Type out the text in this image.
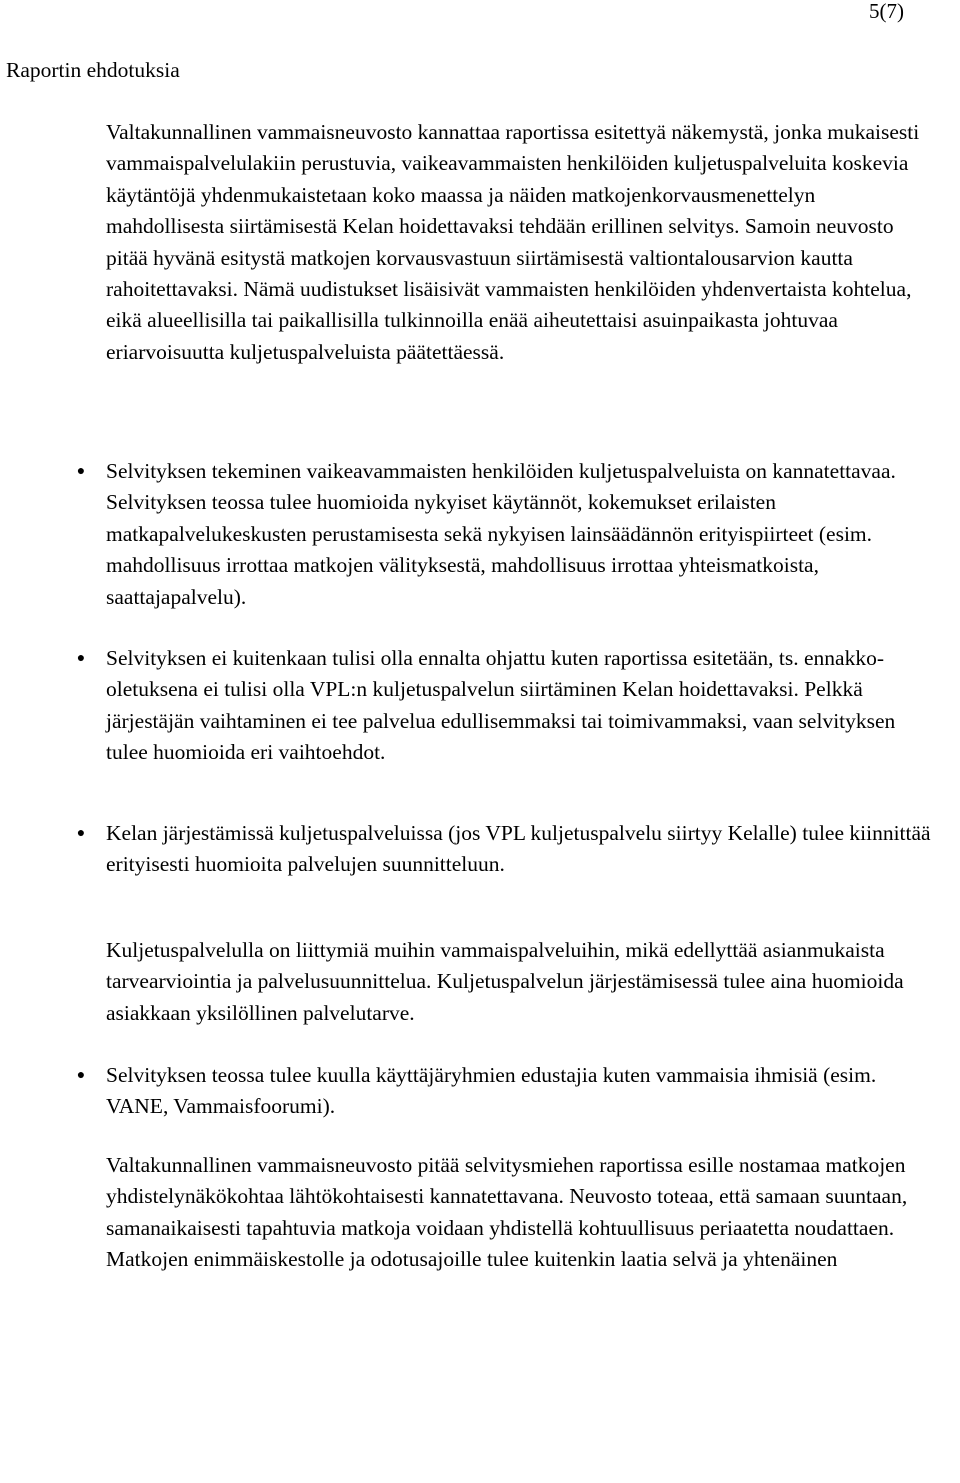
5(7)
Raportin ehdotuksia

Valtakunnallinen vammaisneuvosto kannattaa raportissa esitettyä näkemystä, jonka mukaisesti vammaispalvelulakiin perustuvia, vaikeavammaisten henkilöiden kuljetuspalveluita koskevia käytäntöjä yhdenmukaistetaan koko maassa ja näiden matkojenkorvausmenettelyn mahdollisesta siirtämisestä Kelan hoidettavaksi tehdään erillinen selvitys. Samoin neuvosto pitää hyvänä esitystä matkojen korvausvastuun siirtämisestä valtiontalousarvion kautta rahoitettavaksi. Nämä uudistukset lisäisivät vammaisten henkilöiden yhdenvertaista kohtelua, eikä alueellisilla tai paikallisilla tulkinnoilla enää aiheutettaisi asuinpaikasta johtuvaa eriarvoisuutta kuljetuspalveluista päätettäessä.

● Selvityksen tekeminen vaikeavammaisten henkilöiden kuljetuspalveluista on kannatettavaa. Selvityksen teossa tulee huomioida nykyiset käytännöt, kokemukset erilaisten matkapalvelukeskusten perustamisesta sekä nykyisen lainsäädännön erityispiirteet (esim. mahdollisuus irrottaa matkojen välityksestä, mahdollisuus irrottaa yhteismatkoista, saattajapalvelu).
● Selvityksen ei kuitenkaan tulisi olla ennalta ohjattu kuten raportissa esitetään, ts. ennakko-oletuksena ei tulisi olla VPL:n kuljetuspalvelun siirtäminen Kelan hoidettavaksi. Pelkkä järjestäjän vaihtaminen ei tee palvelua edullisemmaksi tai toimivammaksi, vaan selvityksen tulee huomioida eri vaihtoehdot.
● Kelan järjestämissä kuljetuspalveluissa (jos VPL kuljetuspalvelu siirtyy Kelalle) tulee kiinnittää erityisesti huomioita palvelujen suunnitteluun.

Kuljetuspalvelulla on liittymiä muihin vammaispalveluihin, mikä edellyttää asianmukaista tarvearviointia ja palvelusuunnittelua. Kuljetuspalvelun järjestämisessä tulee aina huomioida asiakkaan yksilöllinen palvelutarve.

● Selvityksen teossa tulee kuulla käyttäjäryhmien edustajia kuten vammaisia ihmisiä (esim. VANE, Vammaisfoorumi).

Valtakunnallinen vammaisneuvosto pitää selvitysmiehen raportissa esille nostamaa matkojen yhdistelynäkökohtaa lähtökohtaisesti kannatettavana. Neuvosto toteaa, että samaan suuntaan, samanaikaisesti tapahtuvia matkoja voidaan yhdistellä kohtuullisuus periaatetta noudattaen. Matkojen enimmäiskestolle ja odotusajoille tulee kuitenkin laatia selvä ja yhtenäinen
